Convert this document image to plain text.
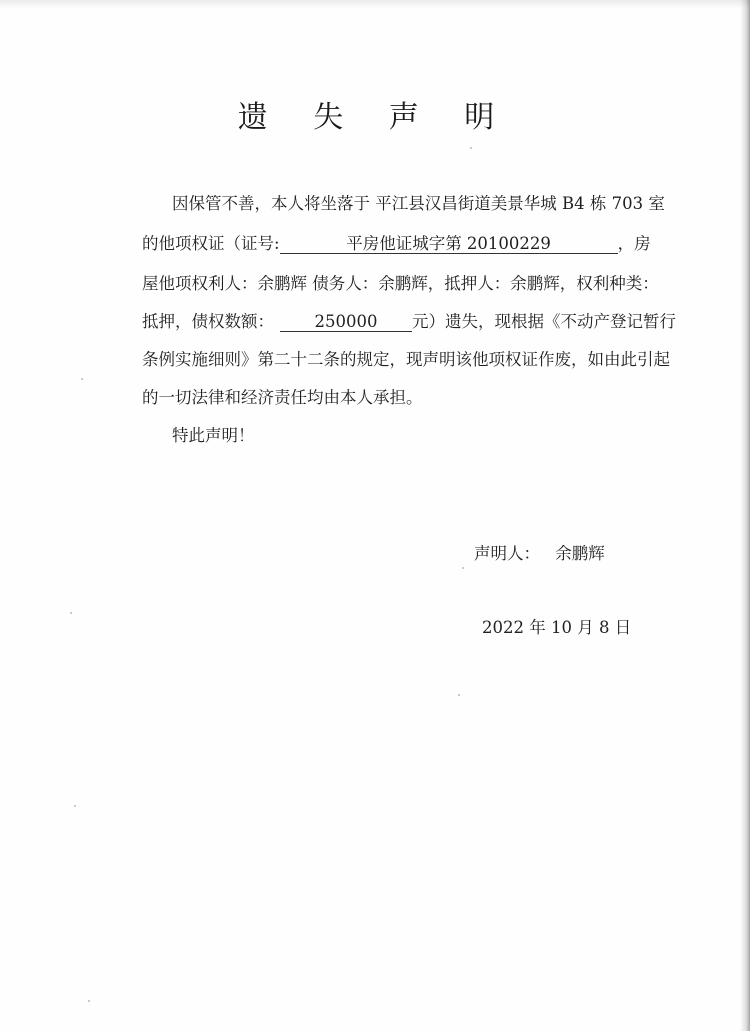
遗 失 声 明
因保管不善，本人将坐落于 平江县汉昌街道美景华城 B4 栋 703 室
的他项权证（证号:	平房他证城字第 20100229	，房
屋他项权利人：余鹏辉 债务人：余鹏辉，抵押人：余鹏辉，权利种类：
抵押，债权数额： 250000 元）遗失，现根据《不动产登记暂行
条例实施细则》第二十二条的规定，现声明该他项权证作废，如由此引起
的一切法律和经济责任均由本人承担。
特此声明！
声明人： 余鹏辉
2022 年 10 月 8 日
